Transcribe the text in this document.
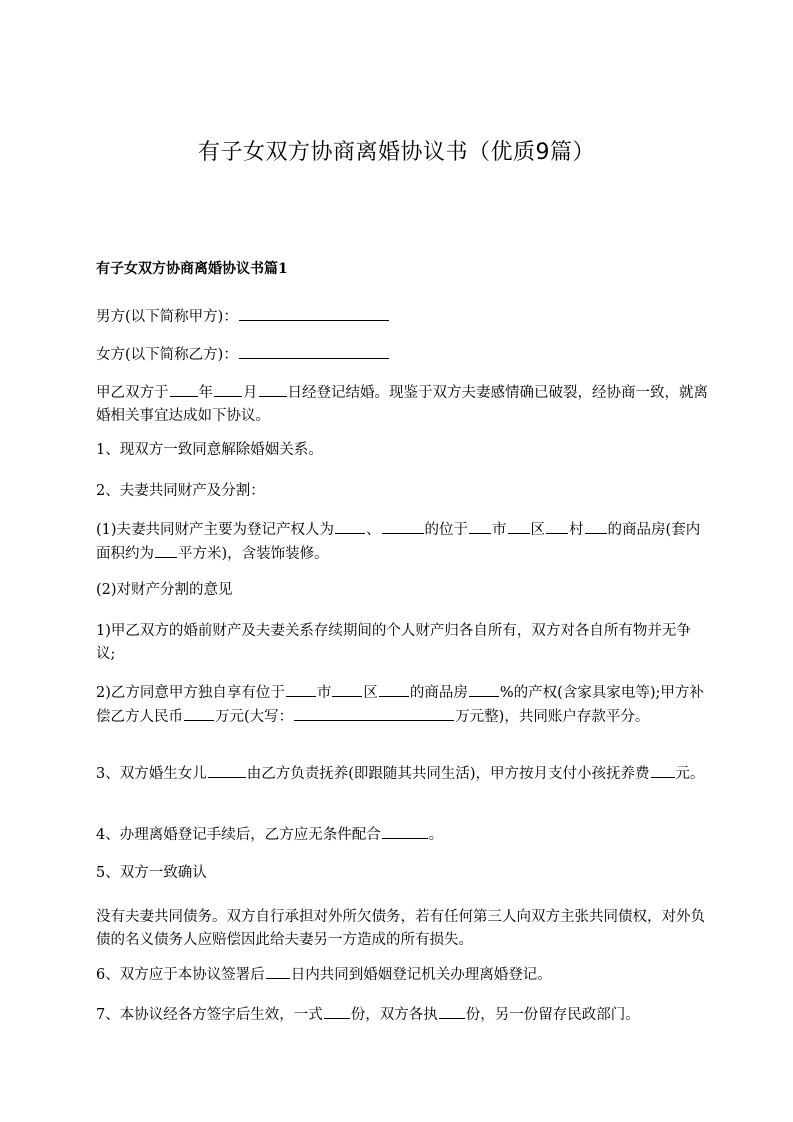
有子女双方协商离婚协议书（优质9篇）
有子女双方协商离婚协议书篇1

男方(以下简称甲方)：

女方(以下简称乙方)：

甲乙双方于 年 月 日经登记结婚。现鉴于双方夫妻感情确已破裂，经协商一致，就离婚相关事宜达成如下协议。

1、现双方一致同意解除婚姻关系。

2、夫妻共同财产及分割：

(1)夫妻共同财产主要为登记产权人为 、	的位于 市 区 村 的商品房(套内面积约为 平方米)，含装饰装修。

(2)对财产分割的意见

1)甲乙双方的婚前财产及夫妻关系存续期间的个人财产归各自所有，双方对各自所有物并无争议;

2)乙方同意甲方独自享有位于 市 区 的商品房 %的产权(含家具家电等);甲方补偿乙方人民币 万元(大写：	万元整)，共同账户存款平分。

3、双方婚生女儿	由乙方负责抚养(即跟随其共同生活)，甲方按月支付小孩抚养费 元。

4、办理离婚登记手续后，乙方应无条件配合	。

5、双方一致确认

没有夫妻共同债务。双方自行承担对外所欠债务，若有任何第三人向双方主张共同债权，对外负债的名义债务人应赔偿因此给夫妻另一方造成的所有损失。

6、双方应于本协议签署后 日内共同到婚姻登记机关办理离婚登记。

7、本协议经各方签字后生效，一式 份，双方各执 份，另一份留存民政部门。
